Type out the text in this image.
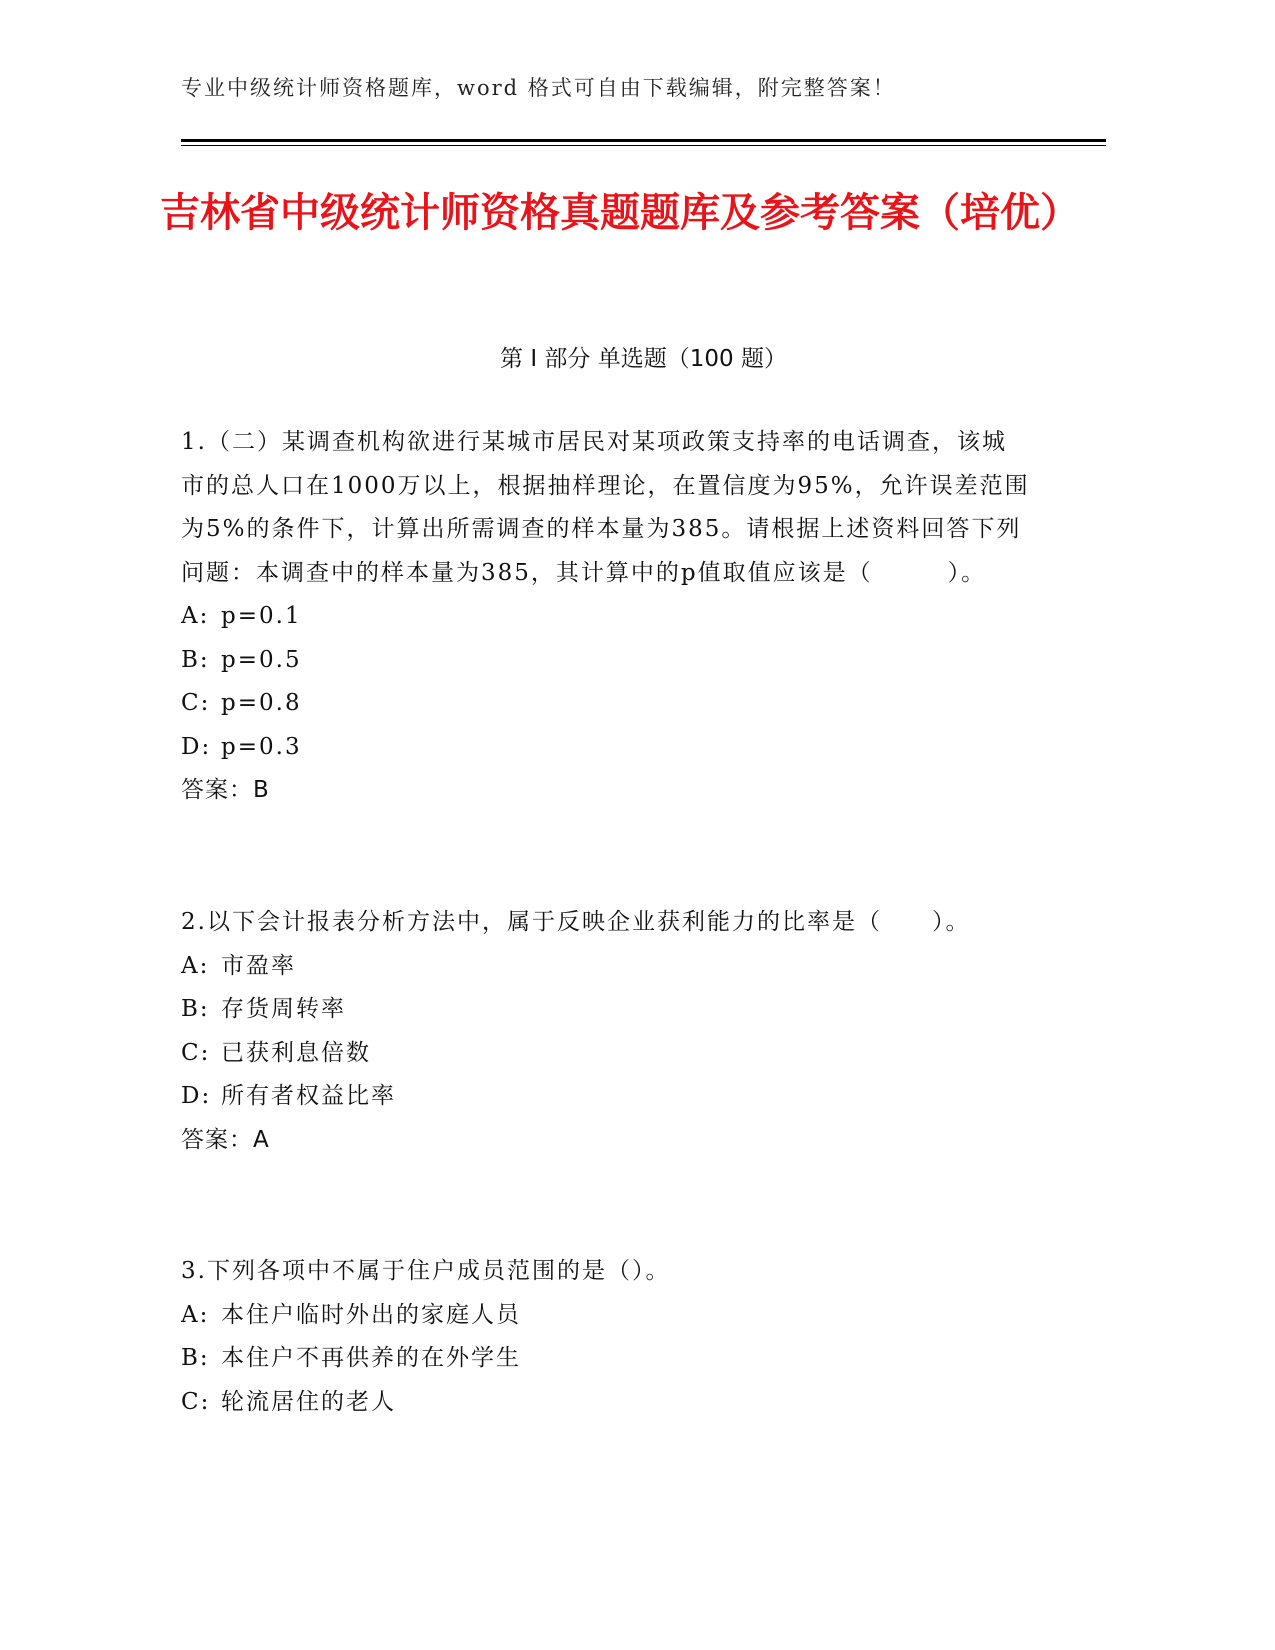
专业中级统计师资格题库，word 格式可自由下载编辑，附完整答案！
吉林省中级统计师资格真题题库及参考答案（培优）
第 I 部分 单选题（100 题）

1.（二）某调查机构欲进行某城市居民对某项政策支持率的电话调查，该城市的总人口在1000万以上，根据抽样理论，在置信度为95%，允许误差范围为5%的条件下，计算出所需调查的样本量为385。请根据上述资料回答下列问题：本调查中的样本量为385，其计算中的p值取值应该是（　　　）。

A: p=0.1

B: p=0.5

C: p=0.8

D: p=0.3

答案：B

2.以下会计报表分析方法中，属于反映企业获利能力的比率是（　　）。

A: 市盈率

B: 存货周转率

C: 已获利息倍数

D: 所有者权益比率

答案：A

3.下列各项中不属于住户成员范围的是（）。

A: 本住户临时外出的家庭人员

B: 本住户不再供养的在外学生

C: 轮流居住的老人
